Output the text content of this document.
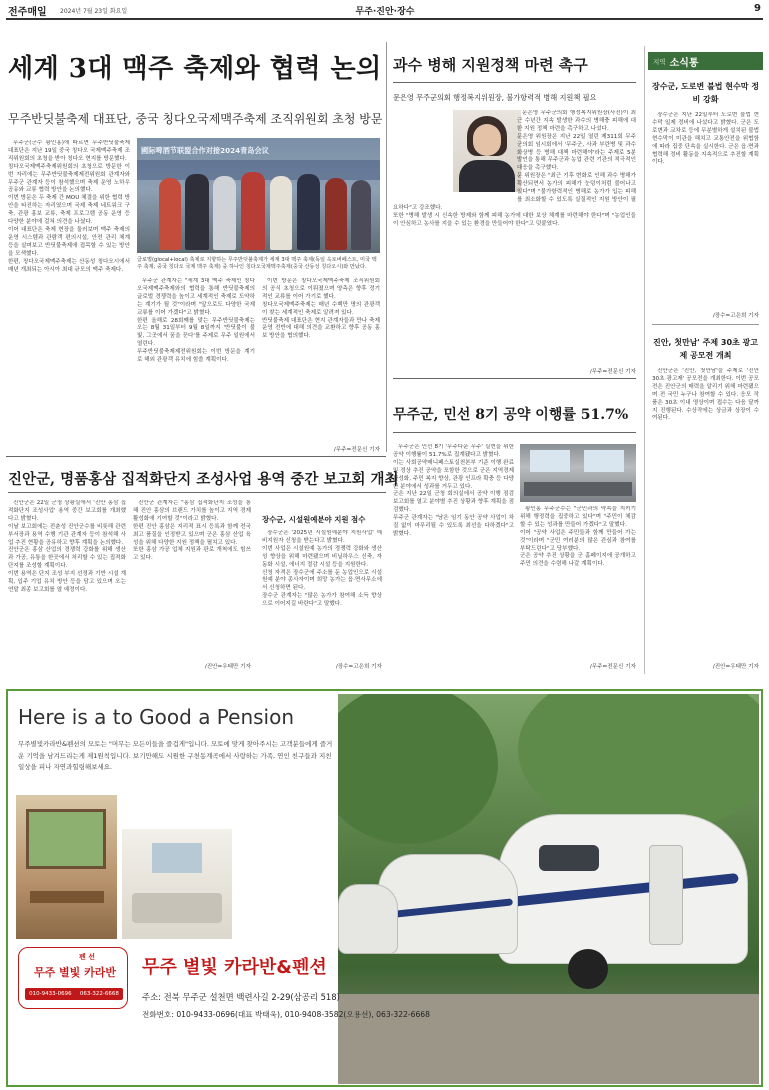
전주매일 2024년 7월 23일 화요일	무주·진안·장수	9
세계 3대 맥주 축제와 협력 논의
무주반딧불축제 대표단, 중국 칭다오국제맥주축제 조직위원회 초청 방문
國际啤酒节联盟合作对接2024青岛会议
글로벌(glocal+local) 축제로 지향하는 무주반딧불축제가 세계 3대 맥주 축제(독일 옥토버페스트, 미국 맥주 축제, 중국 칭다오 국제 맥주 축제) 중 하나인 칭다오국제맥주축제(중국 산동성 칭다오시)와 만났다.

무주군(군수 황인홍)에 따르면 무주반딧불축제 대표단은 지난 19일 중국 칭다오 국제맥주축제 조직위원회의 초청을 받아 칭다오 현지를 방문했다.
칭다오국제맥주축제위원회의 초청으로 방문한 이번 자리에는 무주반딧불축제제전위원회 관계자와 무주군 관계자 등이 참석했으며 축제 운영 노하우 공유와 교류 협력 방안을 논의했다.
이번 방문은 두 축제 간 MOU 체결을 위한 협력 방안을 타진하는 자리였으며 국제 축제 네트워크 구축, 관광 홍보 교류, 축제 프로그램 공동 운영 등 다양한 분야에 걸쳐 의견을 나눴다.
이어 대표단은 축제 현장을 둘러보며 맥주 축제의 운영 시스템과 관람객 편의시설, 안전 관리 체계 등을 살펴보고 반딧불축제에 접목할 수 있는 방안을 모색했다.
한편, 칭다오국제맥주축제는 산동성 칭다오시에서 매년 개최되는 아시아 최대 규모의 맥주 축제다.

무주군 관계자는 "세계 3대 맥주 축제인 칭다오국제맥주축제와의 협력을 통해 반딧불축제의 글로벌 경쟁력을 높이고 세계적인 축제로 도약하는 계기가 될 것"이라며 "앞으로도 다양한 국제 교류를 이어 가겠다"고 밝혔다.
한편 올해로 28회째를 맞는 무주반딧불축제는 오는 8월 31일부터 9월 8일까지 '반딧불이 불빛, 그곳에서 꿈을 꾼다'를 주제로 무주 일원에서 열린다.
무주반딧불축제제전위원회는 이번 방문을 계기로 해외 관광객 유치에 힘쓸 계획이다.

이번 방문은 칭다오국제맥주축제 조직위원회의 공식 초청으로 이뤄졌으며 양측은 향후 정기적인 교류를 이어 가기로 했다.
칭다오국제맥주축제는 매년 수백만 명의 관광객이 찾는 세계적인 축제로 알려져 있다.
반딧불축제 대표단은 현지 관계자들과 만나 축제 운영 전반에 대해 의견을 교환하고 향후 공동 홍보 방안을 협의했다.

/무주=전문신 기자
과수 병해 지원정책 마련 촉구
문은영 무주군의회 행정복지위원장, 불가항력적 병해 지원책 필요

문은영 무주군의회 행정복지위원장(사진)이 최근 수년간 지속 발생한 과수의 병해충 피해에 대한 지원 정책 마련을 촉구하고 나섰다.
문은영 위원장은 지난 22일 열린 제311회 무주군의회 임시회에서 '무주군, 사과 부란병 및 과수화상병 등 병해 대책 마련해야'라는 주제로 5분 발언을 통해 무주군과 농업 관련 기관의 적극적인 대응을 촉구했다.
문 위원장은 "최근 기후 변화로 인해 과수 병해가 확산되면서 농가의 피해가 눈덩이처럼 불어나고 있다"며 "불가항력적인 병해로 농가가 입는 피해를 최소화할 수 있도록 실질적인 지원 방안이 필요하다"고 강조했다.
또한 "병해 발생 시 신속한 방제와 함께 피해 농가에 대한 보상 체계를 마련해야 한다"며 "농업인들이 안심하고 농사를 지을 수 있는 환경을 만들어야 한다"고 덧붙였다.

/무주=전문신 기자
무주군, 민선 8기 공약 이행률 51.7%

무주군은 민선 8기 '무주다운 무주' 실현을 위한 공약 이행률이 51.7%로 집계됐다고 밝혔다.
이는 사회공약매니페스토실천본부 기준 이행 완료 및 정상 추진 공약을 포함한 것으로 군은 지역경제 활성화, 주민 복지 향상, 관광 인프라 확충 등 다양한 분야에서 성과를 거두고 있다.
군은 지난 22일 군청 회의실에서 공약 이행 점검 보고회를 열고 분야별 추진 상황과 향후 계획을 점검했다.
무주군 관계자는 "남은 임기 동안 공약 사업이 차질 없이 마무리될 수 있도록 최선을 다하겠다"고 밝혔다.

황인홍 무주군수는 "군민과의 약속을 지키기 위해 행정력을 집중하고 있다"며 "주민이 체감할 수 있는 성과를 만들어 가겠다"고 말했다.
이어 "공약 사업은 주민들과 함께 만들어 가는 것"이라며 "군민 여러분의 많은 관심과 참여를 부탁드린다"고 당부했다.
군은 공약 추진 상황을 군 홈페이지에 공개하고 주민 의견을 수렴해 나갈 계획이다.

/무주=전문신 기자
진안군, 명품홍삼 집적화단지 조성사업 용역 중간 보고회 개최

진안군은 22일 군청 상황실에서 '진안 홍삼 집적화단지 조성사업' 용역 중간 보고회를 개최했다고 밝혔다.
이날 보고회에는 전춘성 진안군수를 비롯해 관련 부서장과 용역 수행 기관 관계자 등이 참석해 사업 추진 현황을 공유하고 향후 계획을 논의했다.
진안군은 홍삼 산업의 경쟁력 강화를 위해 생산과 가공, 유통을 한곳에서 처리할 수 있는 집적화단지를 조성할 계획이다.
이번 용역은 단지 조성 부지 선정과 기반 시설 계획, 입주 기업 유치 방안 등을 담고 있으며 오는 연말 최종 보고회를 열 예정이다.

진안군 관계자는 "홍삼 집적화단지 조성을 통해 진안 홍삼의 브랜드 가치를 높이고 지역 경제 활성화에 기여할 것"이라고 밝혔다.
한편 진안 홍삼은 지리적 표시 등록과 함께 전국 최고 품질을 인정받고 있으며 군은 홍삼 산업 육성을 위해 다양한 지원 정책을 펼치고 있다.
또한 홍삼 가공 업체 지원과 판로 개척에도 힘쓰고 있다.

/진안=우태만 기자
장수군, 시설원예분야 지원 점수

장수군은 '2025년 시설원예분야 지원사업' 예비지원자 신청을 받는다고 밝혔다.
이번 사업은 시설원예 농가의 경쟁력 강화와 생산성 향상을 위해 마련됐으며 비닐하우스 신축, 자동화 시설, 에너지 절감 시설 등을 지원한다.
신청 자격은 장수군에 주소를 둔 농업인으로 시설원예 분야 종사자이며 희망 농가는 읍·면사무소에서 신청하면 된다.
장수군 관계자는 "많은 농가가 참여해 소득 향상으로 이어지길 바란다"고 말했다.

/장수=고은희 기자
지역 소식통
장수군, 도로변 불법 현수막 정비 강화

장수군은 지난 22일부터 도로변 불법 현수막 일제 정비에 나섰다고 밝혔다. 군은 도로변과 교차로 등에 무분별하게 설치된 불법 현수막이 미관을 해치고 교통안전을 위협함에 따라 집중 단속을 실시한다. 군은 읍·면과 협력해 정비 활동을 지속적으로 추진할 계획이다.

/장수=고은희 기자
진안, 첫만남' 주제 30초 광고제 공모전 개최

진안군은 '진안, 첫만남'을 주제로 '진안 30초 광고제' 공모전을 개최한다. 이번 공모전은 진안군의 매력을 알리기 위해 마련됐으며 전 국민 누구나 참여할 수 있다. 응모 작품은 30초 이내 영상이며 접수는 다음 달까지 진행된다. 수상작에는 상금과 상장이 수여된다.

/진안=우태만 기자
Here is a to Good a Pension
무주별빛카라반&펜션의 모토는 "머무는 모든이들을 즐겁게"입니다. 모토에 맞게 찾아주시는 고객분들에게 즐거운 기억을 남겨드리는게 제1원칙입니다. 보기만해도 시원한 구천동계곡에서 사랑하는 가족, 연인 친구들과 지친 일상을 피나 자연과힐링해보세요.
펜 선
무주 별빛 카라반
010-9433-0696 063-322-6668
무주 별빛 카라반&펜션
주소: 전북 무주군 설천면 백련사길 2-29(삼공리 518)
전화번호: 010-9433-0696(대표 박태욱), 010-9408-3582(오용선), 063-322-6668
